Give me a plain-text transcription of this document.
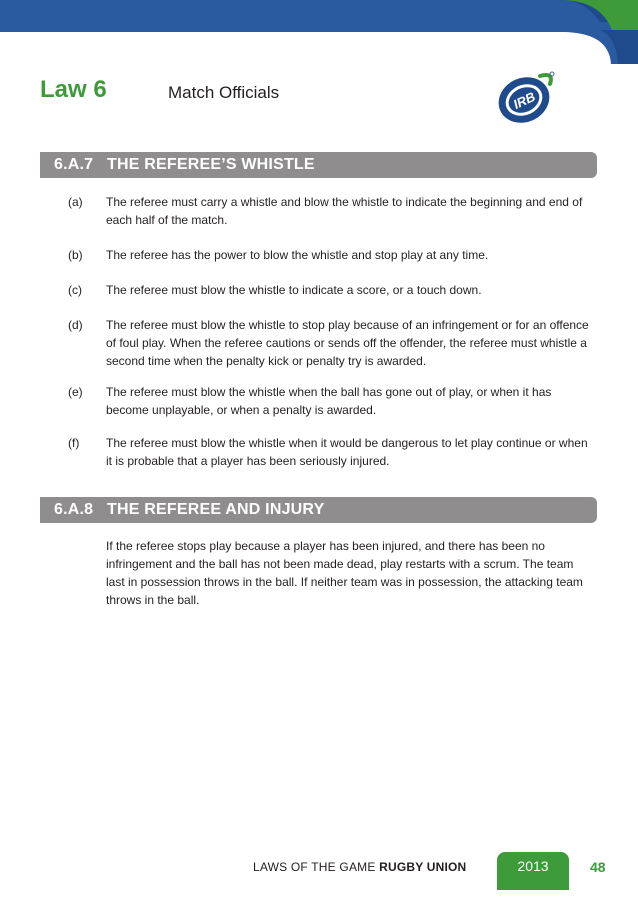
Law 6	Match Officials	IRB
6.A.7 THE REFEREE’S WHISTLE
(a) The referee must carry a whistle and blow the whistle to indicate the beginning and end of each half of the match.
(b) The referee has the power to blow the whistle and stop play at any time.
(c) The referee must blow the whistle to indicate a score, or a touch down.
(d) The referee must blow the whistle to stop play because of an infringement or for an offence of foul play. When the referee cautions or sends off the offender, the referee must whistle a second time when the penalty kick or penalty try is awarded.
(e) The referee must blow the whistle when the ball has gone out of play, or when it has become unplayable, or when a penalty is awarded.
(f) The referee must blow the whistle when it would be dangerous to let play continue or when it is probable that a player has been seriously injured.
6.A.8 THE REFEREE AND INJURY
If the referee stops play because a player has been injured, and there has been no infringement and the ball has not been made dead, play restarts with a scrum. The team last in possession throws in the ball. If neither team was in possession, the attacking team throws in the ball.
LAWS OF THE GAME RUGBY UNION	2013	48
